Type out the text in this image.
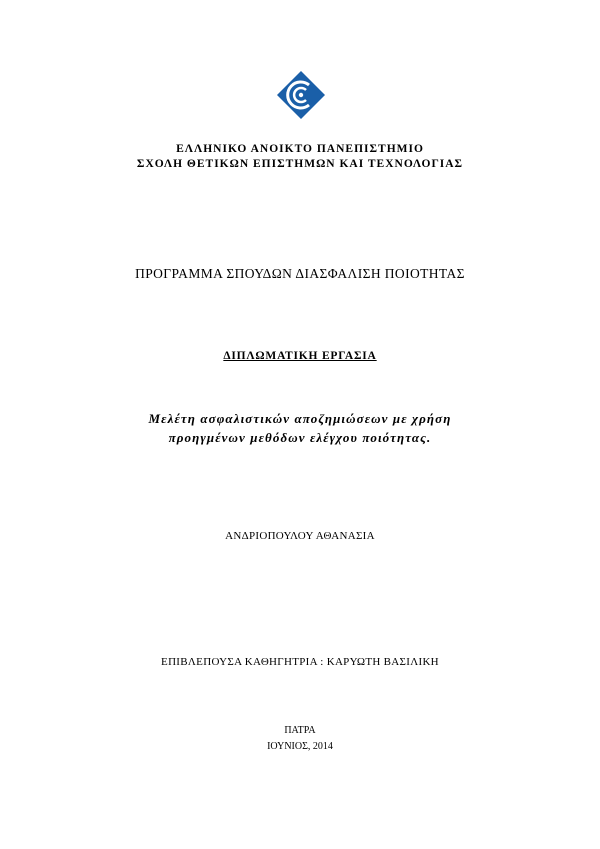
ΕΛΛΗΝΙΚΟ ΑΝΟΙΚΤΟ ΠΑΝΕΠΙΣΤΗΜΙΟ
ΣΧΟΛΗ ΘΕΤΙΚΩΝ ΕΠΙΣΤΗΜΩΝ ΚΑΙ ΤΕΧΝΟΛΟΓΙΑΣ
ΠΡΟΓΡΑΜΜΑ ΣΠΟΥΔΩΝ ΔΙΑΣΦΑΛΙΣΗ ΠΟΙΟΤΗΤΑΣ
ΔΙΠΛΩΜΑΤΙΚΗ ΕΡΓΑΣΙΑ
Μελέτη ασφαλιστικών αποζημιώσεων με χρήση
προηγμένων μεθόδων ελέγχου ποιότητας.
ΑΝΔΡΙΟΠΟΥΛΟΥ ΑΘΑΝΑΣΙΑ
ΕΠΙΒΛΕΠΟΥΣΑ ΚΑΘΗΓΗΤΡΙΑ : ΚΑΡΥΩΤΗ ΒΑΣΙΛΙΚΗ
ΠΑΤΡΑ
ΙΟΥΝΙΟΣ, 2014
